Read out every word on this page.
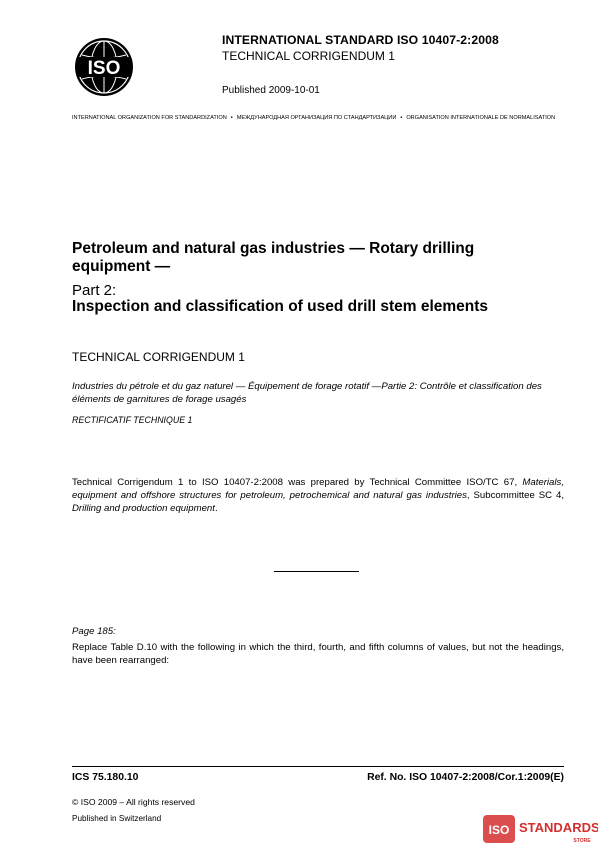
ISO
INTERNATIONAL STANDARD ISO 10407-2:2008
TECHNICAL CORRIGENDUM 1
Published 2009-10-01
INTERNATIONAL ORGANIZATION FOR STANDARDIZATION • МЕЖДУНАРОДНАЯ ОРГАНИЗАЦИЯ ПО СТАНДАРТИЗАЦИИ • ORGANISATION INTERNATIONALE DE NORMALISATION
Petroleum and natural gas industries — Rotary drilling equipment —
Part 2:
Inspection and classification of used drill stem elements
TECHNICAL CORRIGENDUM 1
Industries du pétrole et du gaz naturel — Équipement de forage rotatif —Partie 2: Contrôle et classification des éléments de garnitures de forage usagés
RECTIFICATIF TECHNIQUE 1
Technical Corrigendum 1 to ISO 10407-2:2008 was prepared by Technical Committee ISO/TC 67, Materials, equipment and offshore structures for petroleum, petrochemical and natural gas industries, Subcommittee SC 4, Drilling and production equipment.
Page 185:
Replace Table D.10 with the following in which the third, fourth, and fifth columns of values, but not the headings, have been rearranged:
ICS 75.180.10	Ref. No. ISO 10407-2:2008/Cor.1:2009(E)
© ISO 2009 – All rights reserved
Published in Switzerland
ISO STANDARDS
STORE
